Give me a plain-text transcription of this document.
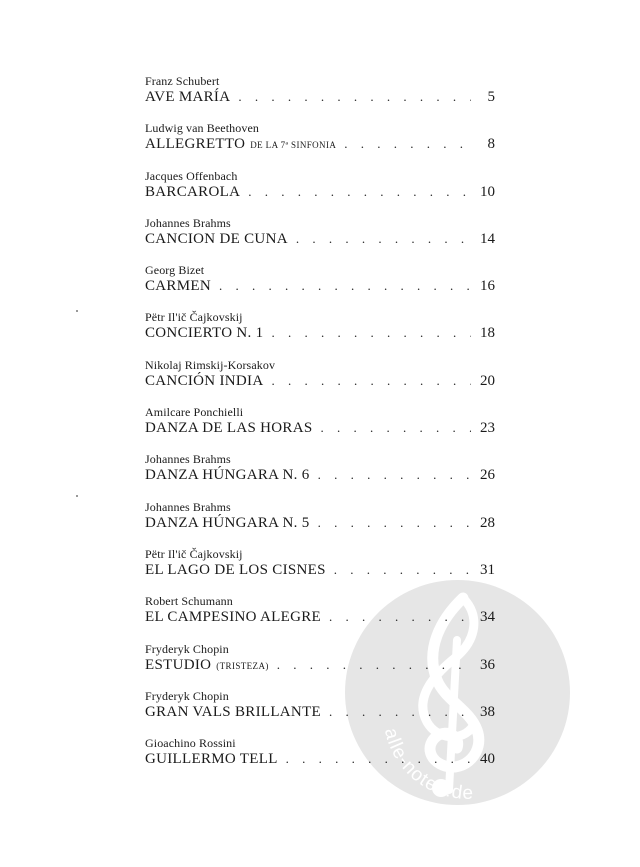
alle-noten.de
Franz Schubert
AVE MARÍA . . .	5
Ludwig van Beethoven
ALLEGRETTO DE LA 7ª SINFONIA . . .	8
Jacques Offenbach
BARCAROLA . . .	10
Johannes Brahms
CANCION DE CUNA . . .	14
Georg Bizet
CARMEN . . .	16
Pëtr Il'ič Čajkovskij
CONCIERTO N. 1 . . .	18
Nikolaj Rimskij-Korsakov
CANCIÓN INDIA . . .	20
Amilcare Ponchielli
DANZA DE LAS HORAS . . .	23
Johannes Brahms
DANZA HÚNGARA N. 6 . . .	26
Johannes Brahms
DANZA HÚNGARA N. 5 . . .	28
Pëtr Il'ič Čajkovskij
EL LAGO DE LOS CISNES . . .	31
Robert Schumann
EL CAMPESINO ALEGRE . . .	34
Fryderyk Chopin
ESTUDIO (TRISTEZA) . . .	36
Fryderyk Chopin
GRAN VALS BRILLANTE . . .	38
Gioachino Rossini
GUILLERMO TELL . . .	40
